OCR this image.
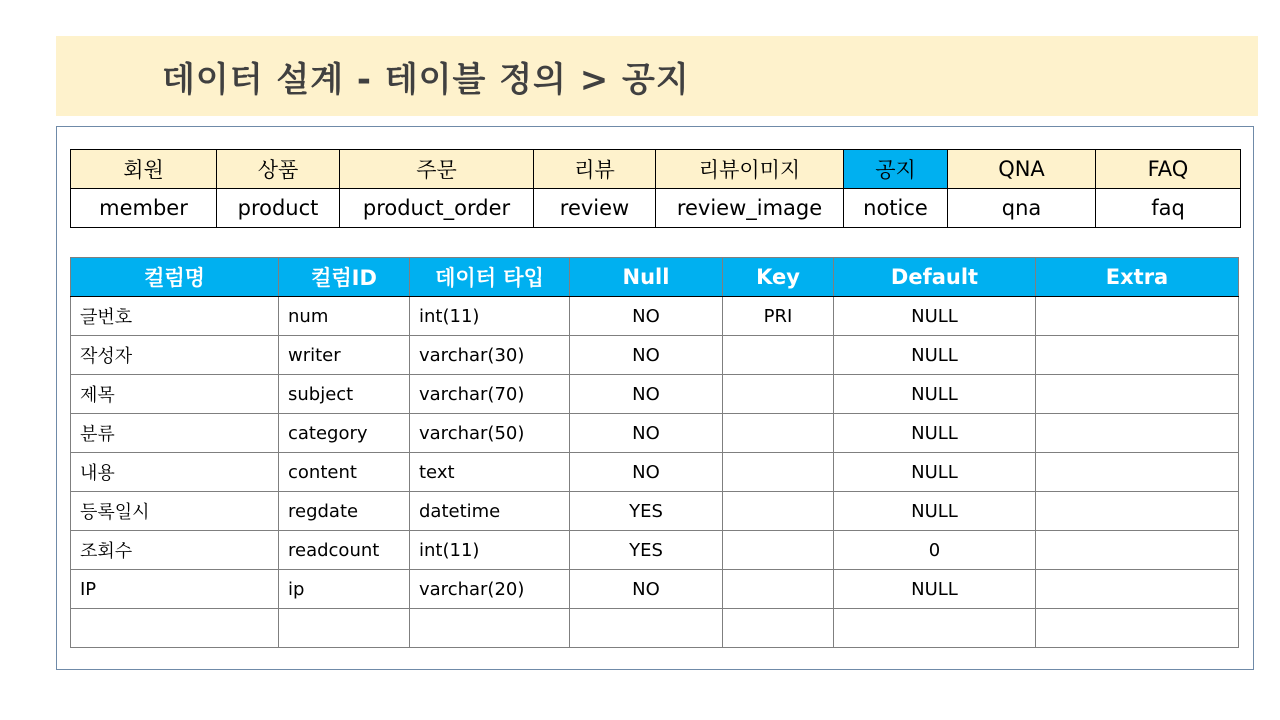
데이터 설계 - 테이블 정의 > 공지
회원	상품	주문	리뷰	리뷰이미지	공지	QNA	FAQ
member	product	product_order	review	review_image	notice	qna	faq
컬럼명	컬럼ID	데이터 타입	Null	Key	Default	Extra
글번호	num	int(11)	NO	PRI	NULL	
작성자	writer	varchar(30)	NO		NULL	
제목	subject	varchar(70)	NO		NULL	
분류	category	varchar(50)	NO		NULL	
내용	content	text	NO		NULL	
등록일시	regdate	datetime	YES		NULL	
조회수	readcount	int(11)	YES		0	
IP	ip	varchar(20)	NO		NULL	
